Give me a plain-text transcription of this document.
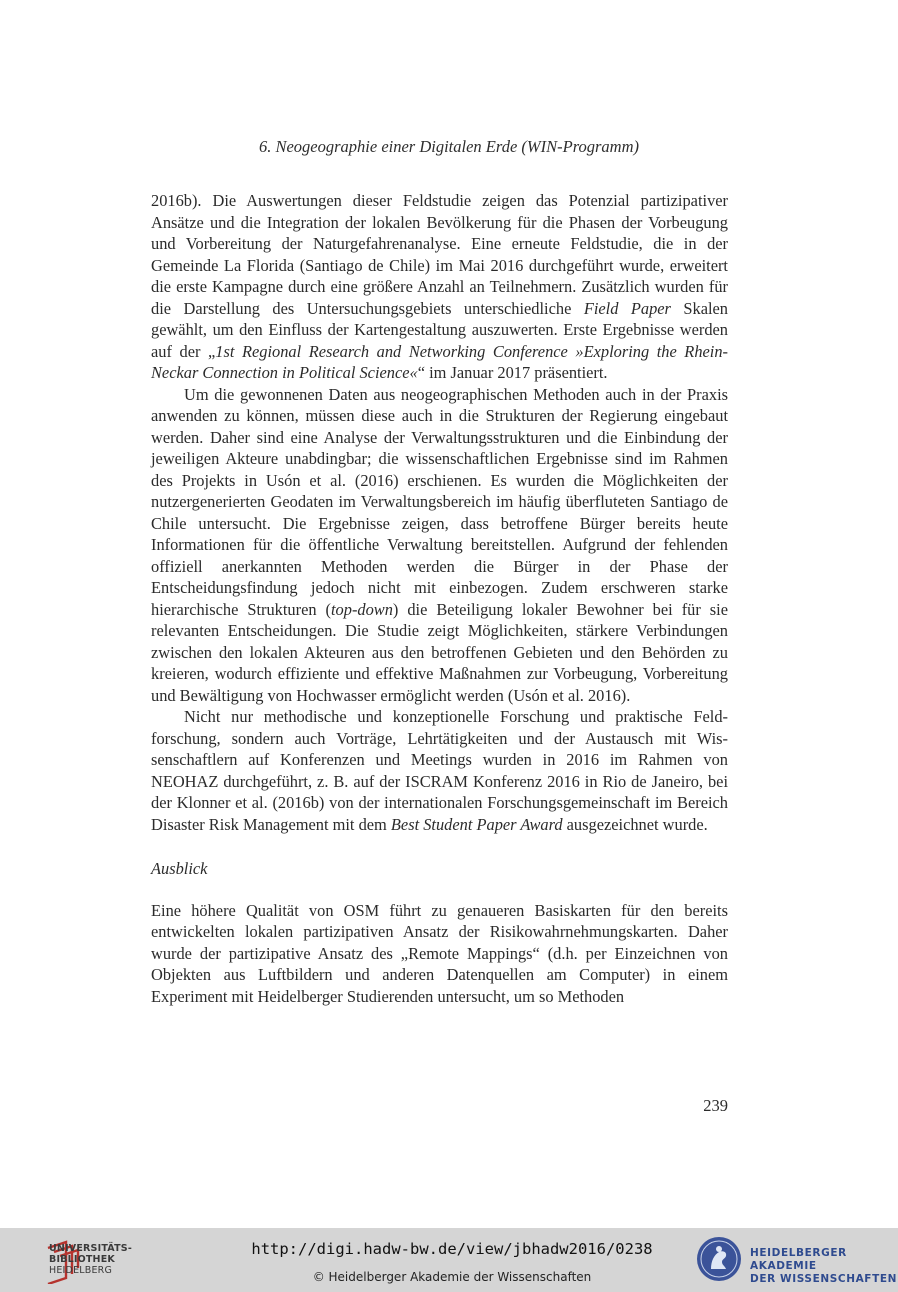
6. Neogeographie einer Digitalen Erde (WIN-Programm)

2016b). Die Auswertungen dieser Feldstudie zeigen das Potenzial partizipativer Ansätze und die Integration der lokalen Bevölkerung für die Phasen der Vorbeugung und Vorbereitung der Naturgefahrenanalyse. Eine erneute Feldstudie, die in der Gemeinde La Florida (Santiago de Chile) im Mai 2016 durchgeführt wurde, erweitert die erste Kampagne durch eine größere Anzahl an Teilnehmern. Zusätzlich wurden für die Darstellung des Untersuchungsgebiets unterschiedliche Field Paper Skalen gewählt, um den Einfluss der Kartengestaltung auszuwerten. Erste Ergebnisse werden auf der „1st Regional Research and Networking Conference »Exploring the Rhein-Neckar Connection in Political Science«“ im Januar 2017 präsentiert.

Um die gewonnenen Daten aus neogeographischen Methoden auch in der Praxis anwenden zu können, müssen diese auch in die Strukturen der Regierung eingebaut werden. Daher sind eine Analyse der Verwaltungsstrukturen und die Einbindung der jeweiligen Akteure unabdingbar; die wissenschaftlichen Ergebnisse sind im Rahmen des Projekts in Usón et al. (2016) erschienen. Es wurden die Möglichkeiten der nutzergenerierten Geodaten im Verwaltungsbereich im häufig überfluteten Santiago de Chile untersucht. Die Ergebnisse zeigen, dass betroffene Bürger bereits heute Informationen für die öffentliche Verwaltung bereitstellen. Aufgrund der fehlenden offiziell anerkannten Methoden werden die Bürger in der Phase der Entscheidungsfindung jedoch nicht mit einbezogen. Zudem erschweren starke hierarchische Strukturen (top-down) die Beteiligung lokaler Bewohner bei für sie relevanten Entscheidungen. Die Studie zeigt Möglichkeiten, stärkere Verbindungen zwischen den lokalen Akteuren aus den betroffenen Gebieten und den Behörden zu kreieren, wodurch effiziente und effektive Maßnahmen zur Vorbeugung, Vorbereitung und Bewältigung von Hochwasser ermöglicht werden (Usón et al. 2016).

Nicht nur methodische und konzeptionelle Forschung und praktische Feldforschung, sondern auch Vorträge, Lehrtätigkeiten und der Austausch mit Wissenschaftlern auf Konferenzen und Meetings wurden in 2016 im Rahmen von NEOHAZ durchgeführt, z. B. auf der ISCRAM Konferenz 2016 in Rio de Janeiro, bei der Klonner et al. (2016b) von der internationalen Forschungsgemeinschaft im Bereich Disaster Risk Management mit dem Best Student Paper Award ausgezeichnet wurde.

Ausblick

Eine höhere Qualität von OSM führt zu genaueren Basiskarten für den bereits entwickelten lokalen partizipativen Ansatz der Risikowahrnehmungskarten. Daher wurde der partizipative Ansatz des „Remote Mappings“ (d.h. per Einzeichnen von Objekten aus Luftbildern und anderen Datenquellen am Computer) in einem Experiment mit Heidelberger Studierenden untersucht, um so Methoden

239
UNIVERSITÄTS-
BIBLIOTHEK
HEIDELBERG
http://digi.hadw-bw.de/view/jbhadw2016/0238
© Heidelberger Akademie der Wissenschaften
HEIDELBERGER AKADEMIE
DER WISSENSCHAFTEN
